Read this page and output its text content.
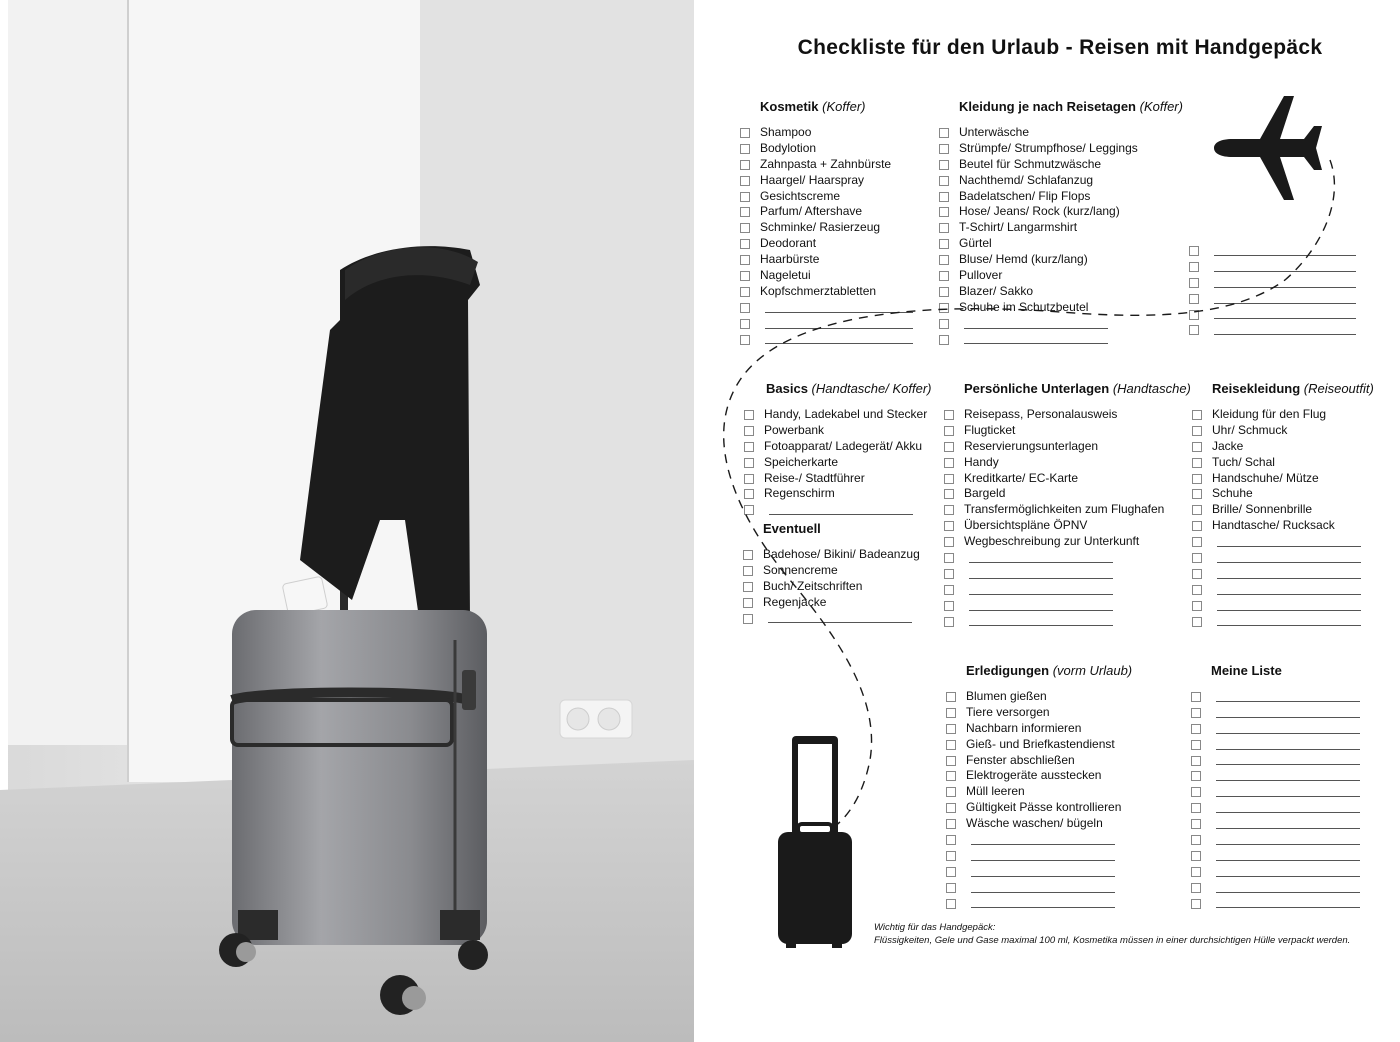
Checkliste für den Urlaub - Reisen mit Handgepäck
Kosmetik (Koffer)
Shampoo
Bodylotion
Zahnpasta + Zahnbürste
Haargel/ Haarspray
Gesichtscreme
Parfum/ Aftershave
Schminke/ Rasierzeug
Deodorant
Haarbürste
Nageletui
Kopfschmerztabletten
Kleidung je nach Reisetagen (Koffer)
Unterwäsche
Strümpfe/ Strumpfhose/ Leggings
Beutel für Schmutzwäsche
Nachthemd/ Schlafanzug
Badelatschen/ Flip Flops
Hose/ Jeans/ Rock (kurz/lang)
T-Schirt/ Langarmshirt
Gürtel
Bluse/ Hemd (kurz/lang)
Pullover
Blazer/ Sakko
Schuhe im Schutzbeutel
Basics (Handtasche/ Koffer)
Handy, Ladekabel und Stecker
Powerbank
Fotoapparat/ Ladegerät/ Akku
Speicherkarte
Reise-/ Stadtführer
Regenschirm
Eventuell
Badehose/ Bikini/ Badeanzug
Sonnencreme
Buch/ Zeitschriften
Regenjacke
Persönliche Unterlagen (Handtasche)
Reisepass, Personalausweis
Flugticket
Reservierungsunterlagen
Handy
Kreditkarte/ EC-Karte
Bargeld
Transfermöglichkeiten zum Flughafen
Übersichtspläne ÖPNV
Wegbeschreibung zur Unterkunft
Reisekleidung (Reiseoutfit)
Kleidung für den Flug
Uhr/ Schmuck
Jacke
Tuch/ Schal
Handschuhe/ Mütze
Schuhe
Brille/ Sonnenbrille
Handtasche/ Rucksack
Erledigungen (vorm Urlaub)
Blumen gießen
Tiere versorgen
Nachbarn informieren
Gieß- und Briefkastendienst
Fenster abschließen
Elektrogeräte ausstecken
Müll leeren
Gültigkeit Pässe kontrollieren
Wäsche waschen/ bügeln
Meine Liste
Wichtig für das Handgepäck:
Flüssigkeiten, Gele und Gase maximal 100 ml, Kosmetika müssen in einer durchsichtigen Hülle verpackt werden.
